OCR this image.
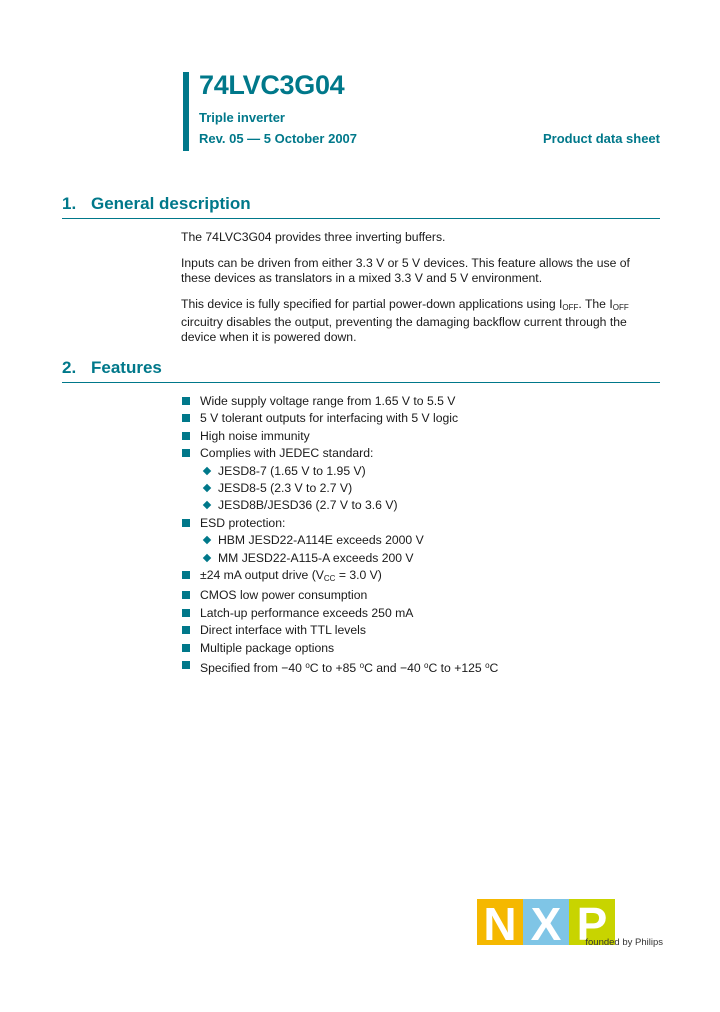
74LVC3G04

Triple inverter

Rev. 05 — 5 October 2007	Product data sheet

1. General description

The 74LVC3G04 provides three inverting buffers.

Inputs can be driven from either 3.3 V or 5 V devices. This feature allows the use of these devices as translators in a mixed 3.3 V and 5 V environment.

This device is fully specified for partial power-down applications using $I_{OFF}$. The $I_{OFF}$ circuitry disables the output, preventing the damaging backflow current through the device when it is powered down.

2. Features
Wide supply voltage range from 1.65 V to 5.5 V
5 V tolerant outputs for interfacing with 5 V logic
High noise immunity
Complies with JEDEC standard:
JESD8-7 (1.65 V to 1.95 V)
JESD8-5 (2.3 V to 2.7 V)
JESD8B/JESD36 (2.7 V to 3.6 V)
ESD protection:
HBM JESD22-A114E exceeds 2000 V
MM JESD22-A115-A exceeds 200 V
±24 mA output drive ($V_{CC} = 3.0$ V)
CMOS low power consumption
Latch-up performance exceeds 250 mA
Direct interface with TTL levels
Multiple package options
Specified from −40 $^o$C to +85 $^o$C and −40 $^o$C to +125 $^o$C
N X P
founded by Philips
